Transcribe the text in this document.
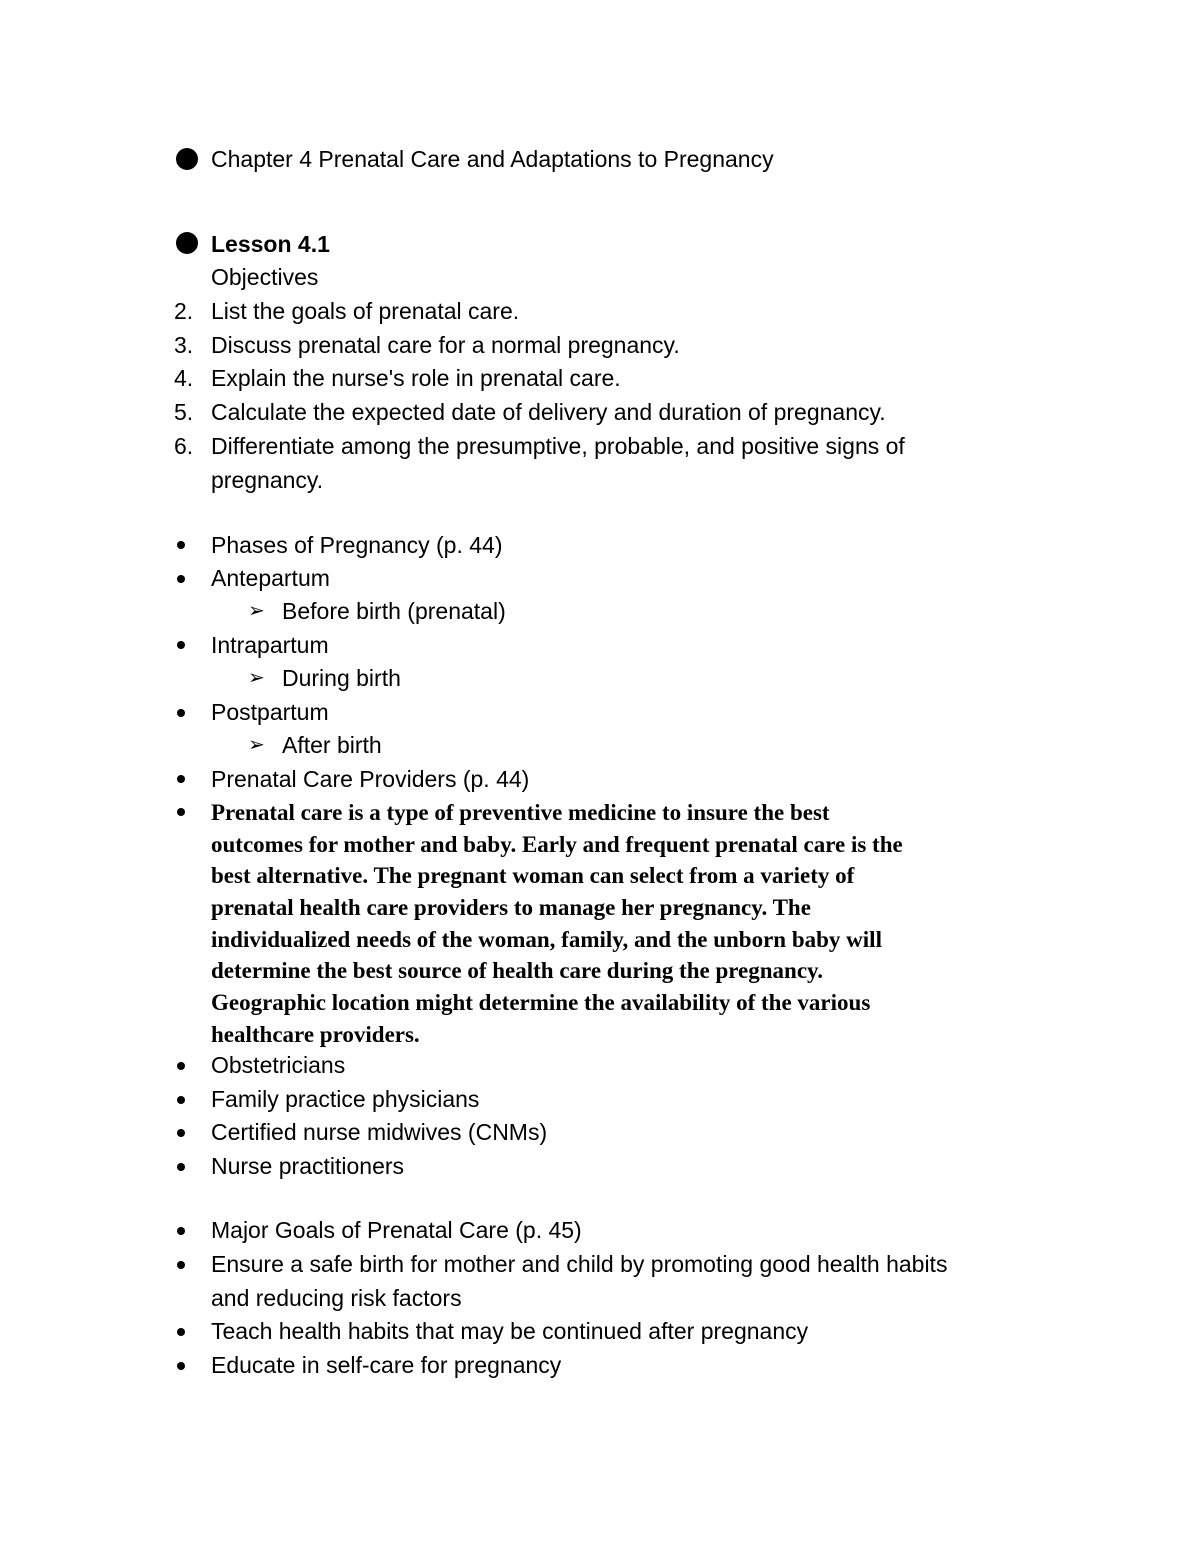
Chapter 4 Prenatal Care and Adaptations to Pregnancy
Lesson 4.1
Objectives
2. List the goals of prenatal care.
3. Discuss prenatal care for a normal pregnancy.
4. Explain the nurse's role in prenatal care.
5. Calculate the expected date of delivery and duration of pregnancy.
6. Differentiate among the presumptive, probable, and positive signs of
pregnancy.
Phases of Pregnancy (p. 44)
Antepartum
➢ Before birth (prenatal)
Intrapartum
➢ During birth
Postpartum
➢ After birth
Prenatal Care Providers (p. 44)
Prenatal care is a type of preventive medicine to insure the best
outcomes for mother and baby. Early and frequent prenatal care is the
best alternative. The pregnant woman can select from a variety of
prenatal health care providers to manage her pregnancy. The
individualized needs of the woman, family, and the unborn baby will
determine the best source of health care during the pregnancy.
Geographic location might determine the availability of the various
healthcare providers.
Obstetricians
Family practice physicians
Certified nurse midwives (CNMs)
Nurse practitioners
Major Goals of Prenatal Care (p. 45)
Ensure a safe birth for mother and child by promoting good health habits
and reducing risk factors
Teach health habits that may be continued after pregnancy
Educate in self-care for pregnancy
